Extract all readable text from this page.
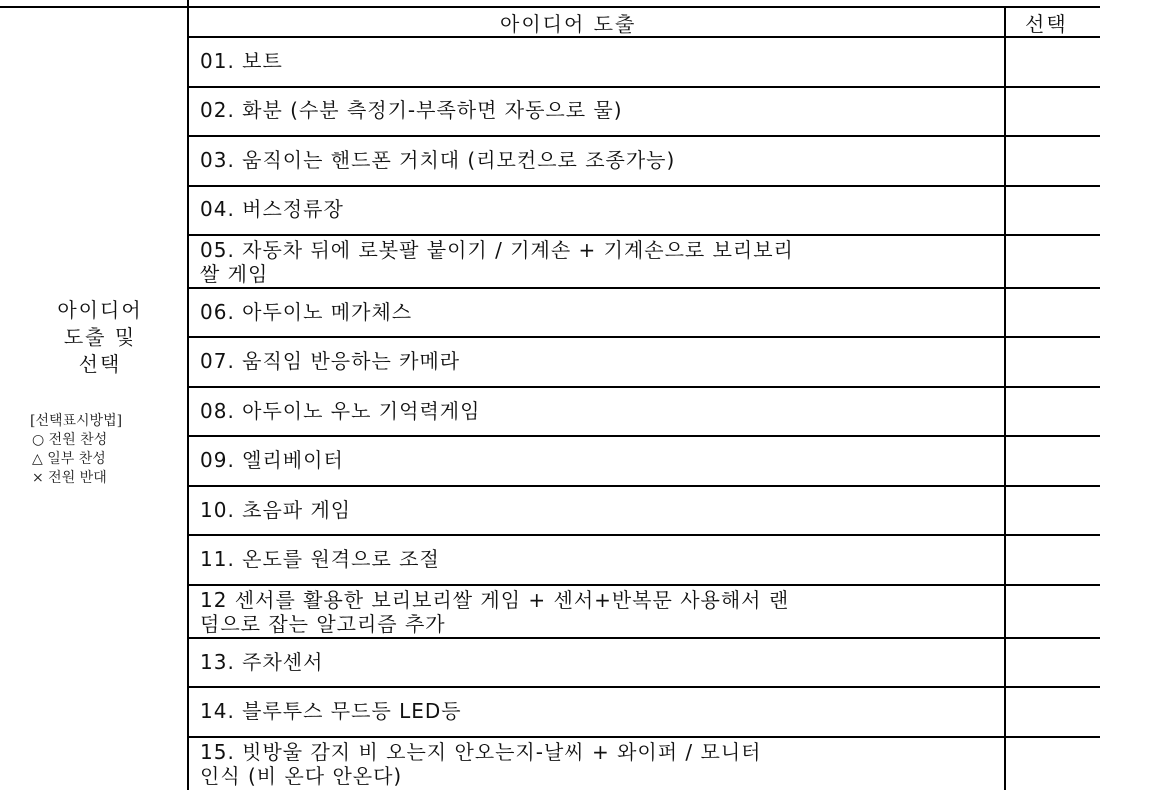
아이디어 도출	선택
아이디어
도출 및
선택
[선택표시방법]
○ 전원 찬성
△ 일부 찬성
× 전원 반대
01. 보트
02. 화분 (수분 측정기-부족하면 자동으로 물)
03. 움직이는 핸드폰 거치대 (리모컨으로 조종가능)
04. 버스정류장
05. 자동차 뒤에 로봇팔 붙이기 / 기계손 + 기계손으로 보리보리
쌀 게임
06. 아두이노 메가체스
07. 움직임 반응하는 카메라
08. 아두이노 우노 기억력게임
09. 엘리베이터
10. 초음파 게임
11. 온도를 원격으로 조절
12 센서를 활용한 보리보리쌀 게임 + 센서+반복문 사용해서 랜
덤으로 잡는 알고리즘 추가
13. 주차센서
14. 블루투스 무드등 LED등
15. 빗방울 감지 비 오는지 안오는지-날씨 + 와이퍼 / 모니터
인식 (비 온다 안온다)
